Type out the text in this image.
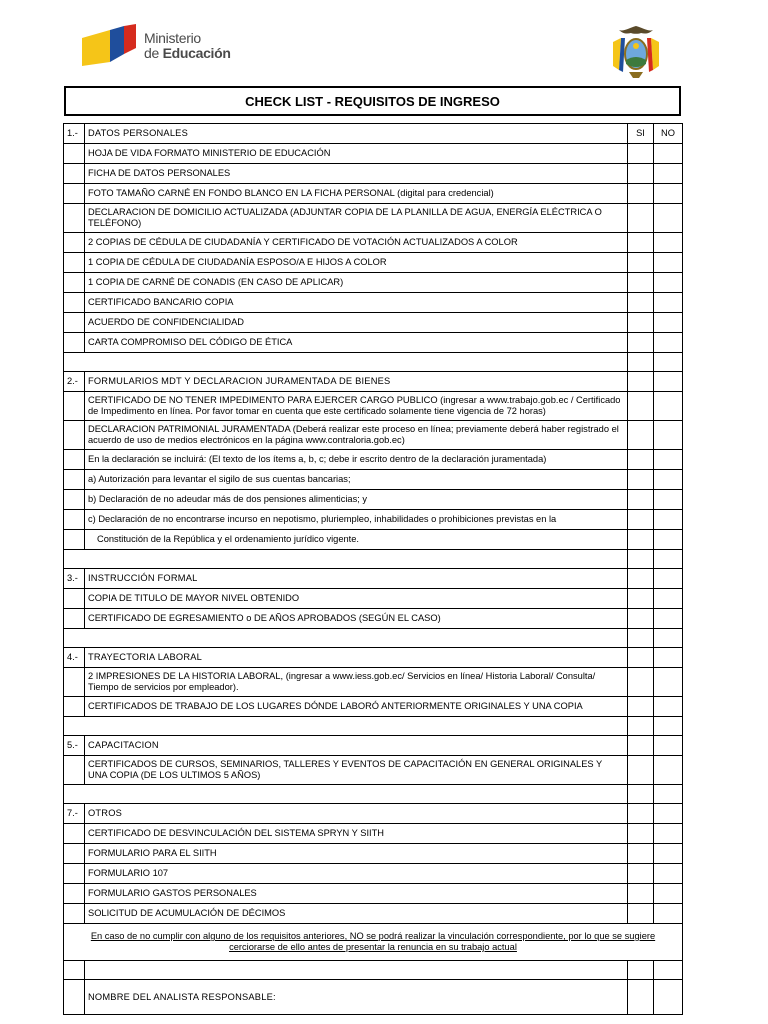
Ministerio
de Educación
CHECK LIST - REQUISITOS DE INGRESO
1.-	DATOS PERSONALES	SI	NO
	HOJA DE VIDA FORMATO MINISTERIO DE EDUCACIÓN		
	FICHA DE DATOS PERSONALES		
	FOTO TAMAÑO CARNÉ EN FONDO BLANCO EN LA FICHA PERSONAL (digital para credencial)		
	DECLARACION DE DOMICILIO ACTUALIZADA (ADJUNTAR COPIA DE LA PLANILLA DE AGUA, ENERGÍA ELÉCTRICA O TELÉFONO)		
	2 COPIAS DE CÉDULA DE CIUDADANÍA Y CERTIFICADO DE VOTACIÓN ACTUALIZADOS A COLOR		
	1 COPIA DE CÉDULA DE CIUDADANÍA ESPOSO/A E HIJOS A COLOR		
	1 COPIA DE CARNÉ DE CONADIS (EN CASO DE APLICAR)		
	CERTIFICADO BANCARIO COPIA		
	ACUERDO DE CONFIDENCIALIDAD		
	CARTA COMPROMISO DEL CÓDIGO DE ÉTICA		

2.-	FORMULARIOS MDT Y DECLARACION JURAMENTADA DE BIENES		
	CERTIFICADO DE NO TENER IMPEDIMENTO PARA EJERCER CARGO PUBLICO (ingresar a www.trabajo.gob.ec / Certificado de Impedimento en línea. Por favor tomar en cuenta que este certificado solamente tiene vigencia de 72 horas)		
	DECLARACION PATRIMONIAL JURAMENTADA (Deberá realizar este proceso en línea; previamente deberá haber registrado el acuerdo de uso de medios electrónicos en la página www.contraloria.gob.ec)		
	En la declaración se incluirá: (El texto de los ítems a, b, c; debe ir escrito dentro de la declaración juramentada)		
	a) Autorización para levantar el sigilo de sus cuentas bancarias;		
	b) Declaración de no adeudar más de dos pensiones alimenticias; y		
	c) Declaración de no encontrarse incurso en nepotismo, pluriempleo, inhabilidades o prohibiciones previstas en la		
	Constitución de la República y el ordenamiento jurídico vigente.		

3.-	INSTRUCCIÓN FORMAL		
	COPIA DE TITULO DE MAYOR NIVEL OBTENIDO		
	CERTIFICADO DE EGRESAMIENTO o DE AÑOS APROBADOS (SEGÚN EL CASO)		

4.-	TRAYECTORIA LABORAL		
	2 IMPRESIONES DE LA HISTORIA LABORAL, (ingresar a www.iess.gob.ec/ Servicios en línea/ Historia Laboral/ Consulta/ Tiempo de servicios por empleador).		
	CERTIFICADOS DE TRABAJO DE LOS LUGARES DÓNDE LABORÓ ANTERIORMENTE ORIGINALES Y UNA COPIA		

5.-	CAPACITACION		
	CERTIFICADOS DE CURSOS, SEMINARIOS, TALLERES Y EVENTOS DE CAPACITACIÓN EN GENERAL ORIGINALES Y UNA COPIA (DE LOS ULTIMOS 5 AÑOS)		

7.-	OTROS		
	CERTIFICADO DE DESVINCULACIÓN DEL SISTEMA SPRYN Y SIITH		
	FORMULARIO PARA EL SIITH		
	FORMULARIO 107		
	FORMULARIO GASTOS PERSONALES		
	SOLICITUD DE ACUMULACIÓN DE DÉCIMOS		
En caso de no cumplir con alguno de los requisitos anteriores, NO se podrá realizar la vinculación correspondiente, por lo que se sugiere cerciorarse de ello antes de presentar la renuncia en su trabajo actual			

	NOMBRE DEL ANALISTA RESPONSABLE:		
